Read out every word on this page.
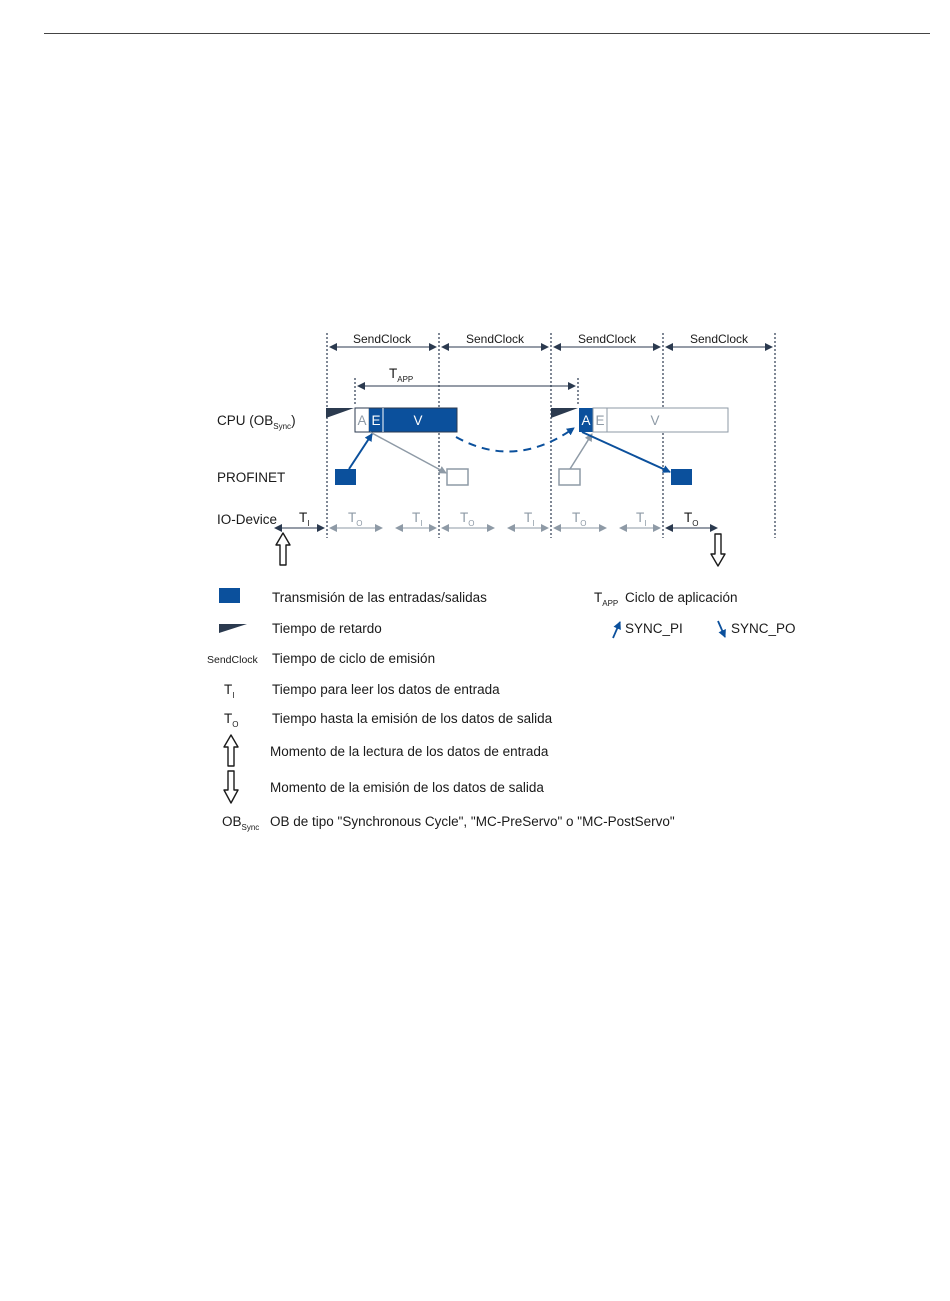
SendClock	SendClock	SendClock	SendClock
$T_{APP}$
CPU $(OB_{Sync})$
PROFINET
IO-Device
A E V	A E	V
$T_I$	$T_O$	$T_I$	$T_O$	$T_I$	$T_O$	$T_I$	$T_O$
Transmisión de las entradas/salidas
Tiempo de retardo
SendClock Tiempo de ciclo de emisión
$T_I$	Tiempo para leer los datos de entrada
$T_O$ Tiempo hasta la emisión de los datos de salida
Momento de la lectura de los datos de entrada
Momento de la emisión de los datos de salida
$OB_{Sync}$ OB de tipo "Synchronous Cycle", "MC-PreServo" o "MC-PostServo"
$T_{APP}$ Ciclo de aplicación
SYNC_PI	SYNC_PO
